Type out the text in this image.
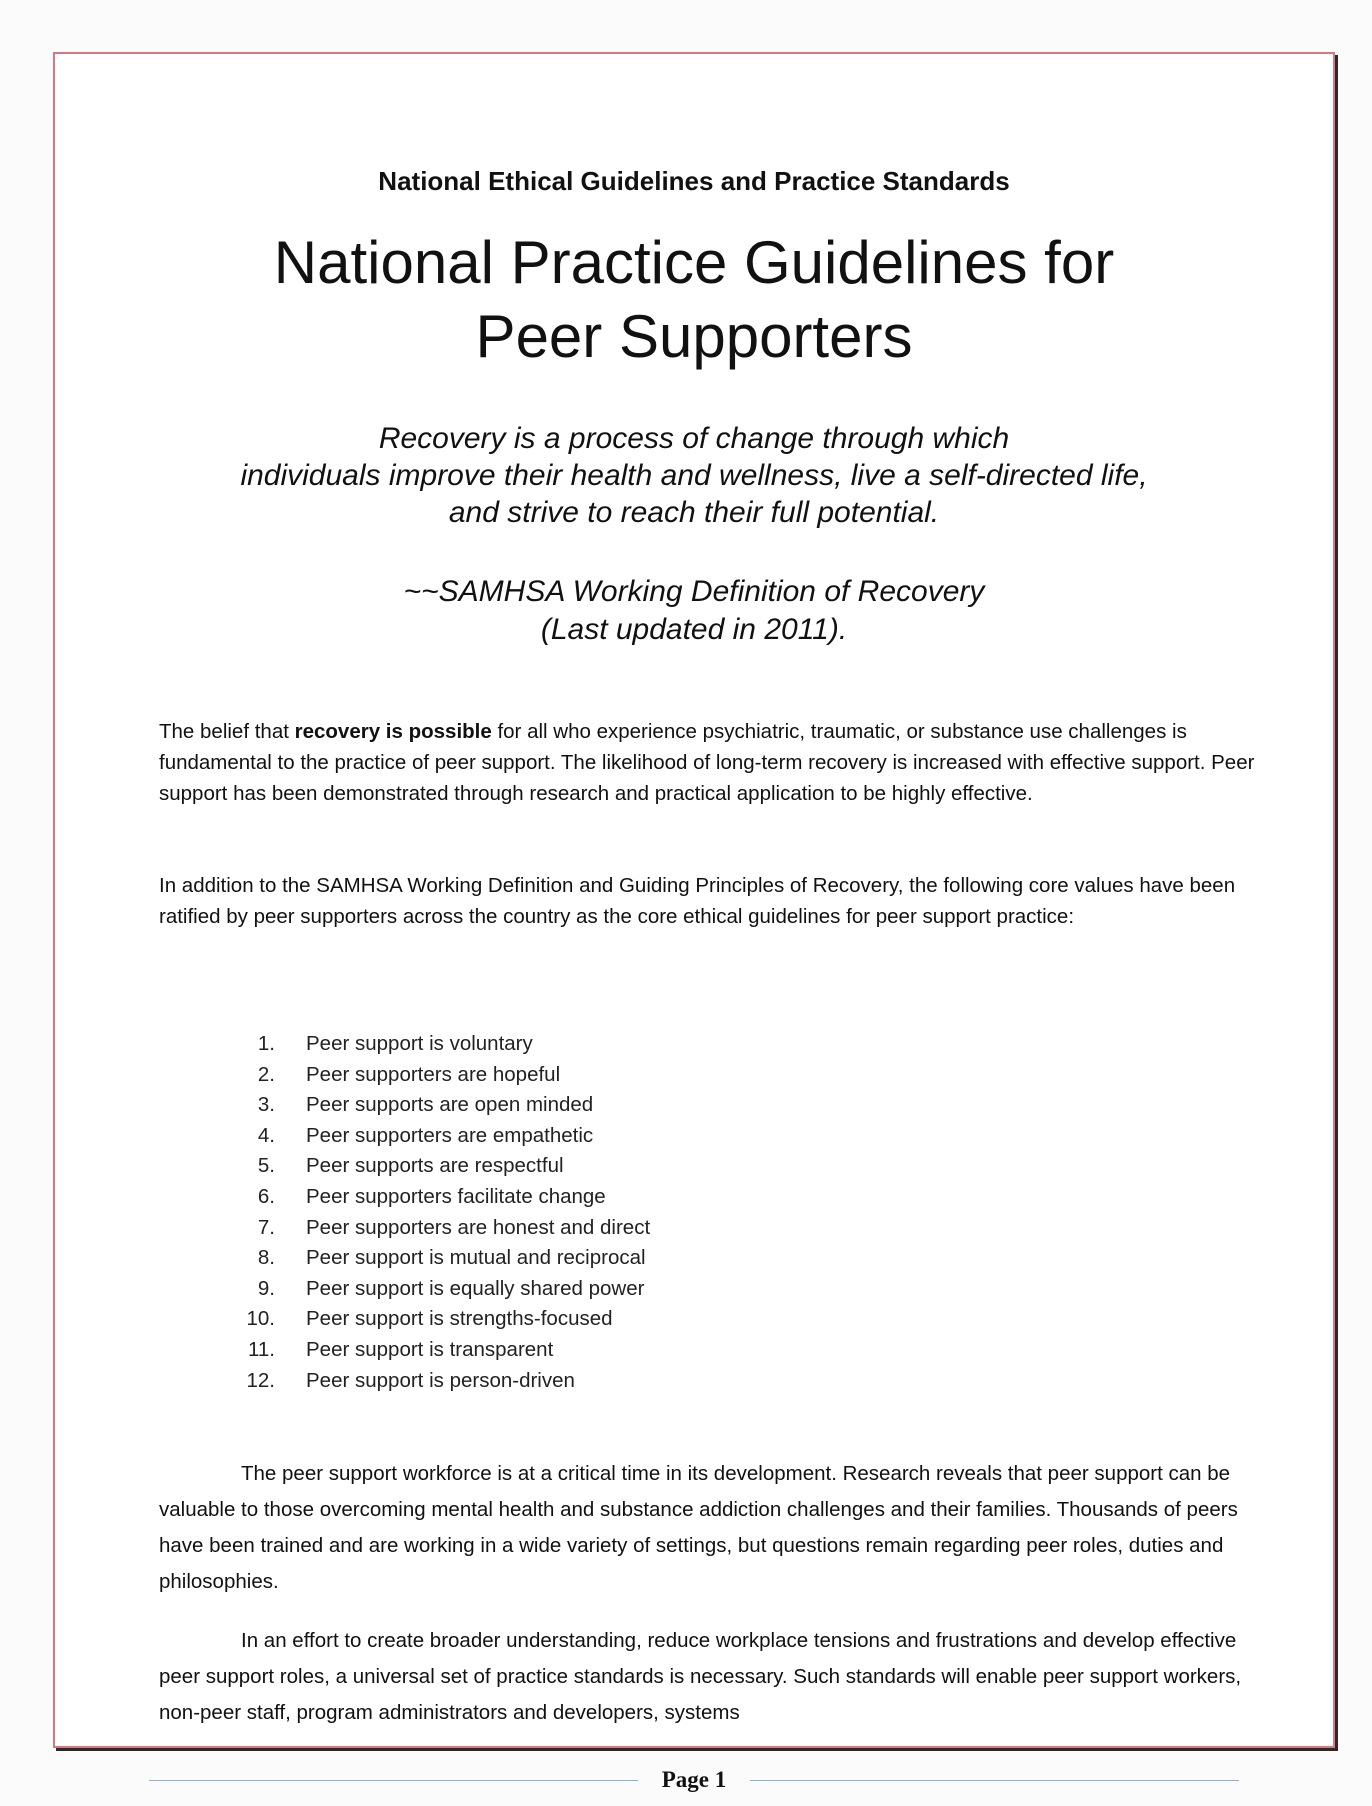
National Ethical Guidelines and Practice Standards
National Practice Guidelines for
Peer Supporters
Recovery is a process of change through which
individuals improve their health and wellness, live a self-directed life,
and strive to reach their full potential.
~~SAMHSA Working Definition of Recovery
(Last updated in 2011).

The belief that recovery is possible for all who experience psychiatric, traumatic, or substance use challenges is fundamental to the practice of peer support. The likelihood of long-term recovery is increased with effective support. Peer support has been demonstrated through research and practical application to be highly effective.

In addition to the SAMHSA Working Definition and Guiding Principles of Recovery, the following core values have been ratified by peer supporters across the country as the core ethical guidelines for peer support practice:

1. Peer support is voluntary
2. Peer supporters are hopeful
3. Peer supports are open minded
4. Peer supporters are empathetic
5. Peer supports are respectful
6. Peer supporters facilitate change
7. Peer supporters are honest and direct
8. Peer support is mutual and reciprocal
9. Peer support is equally shared power
10. Peer support is strengths-focused
11. Peer support is transparent
12. Peer support is person-driven

The peer support workforce is at a critical time in its development. Research reveals that peer support can be valuable to those overcoming mental health and substance addiction challenges and their families. Thousands of peers have been trained and are working in a wide variety of settings, but questions remain regarding peer roles, duties and philosophies.

In an effort to create broader understanding, reduce workplace tensions and frustrations and develop effective peer support roles, a universal set of practice standards is necessary. Such standards will enable peer support workers, non-peer staff, program administrators and developers, systems

Page 1
